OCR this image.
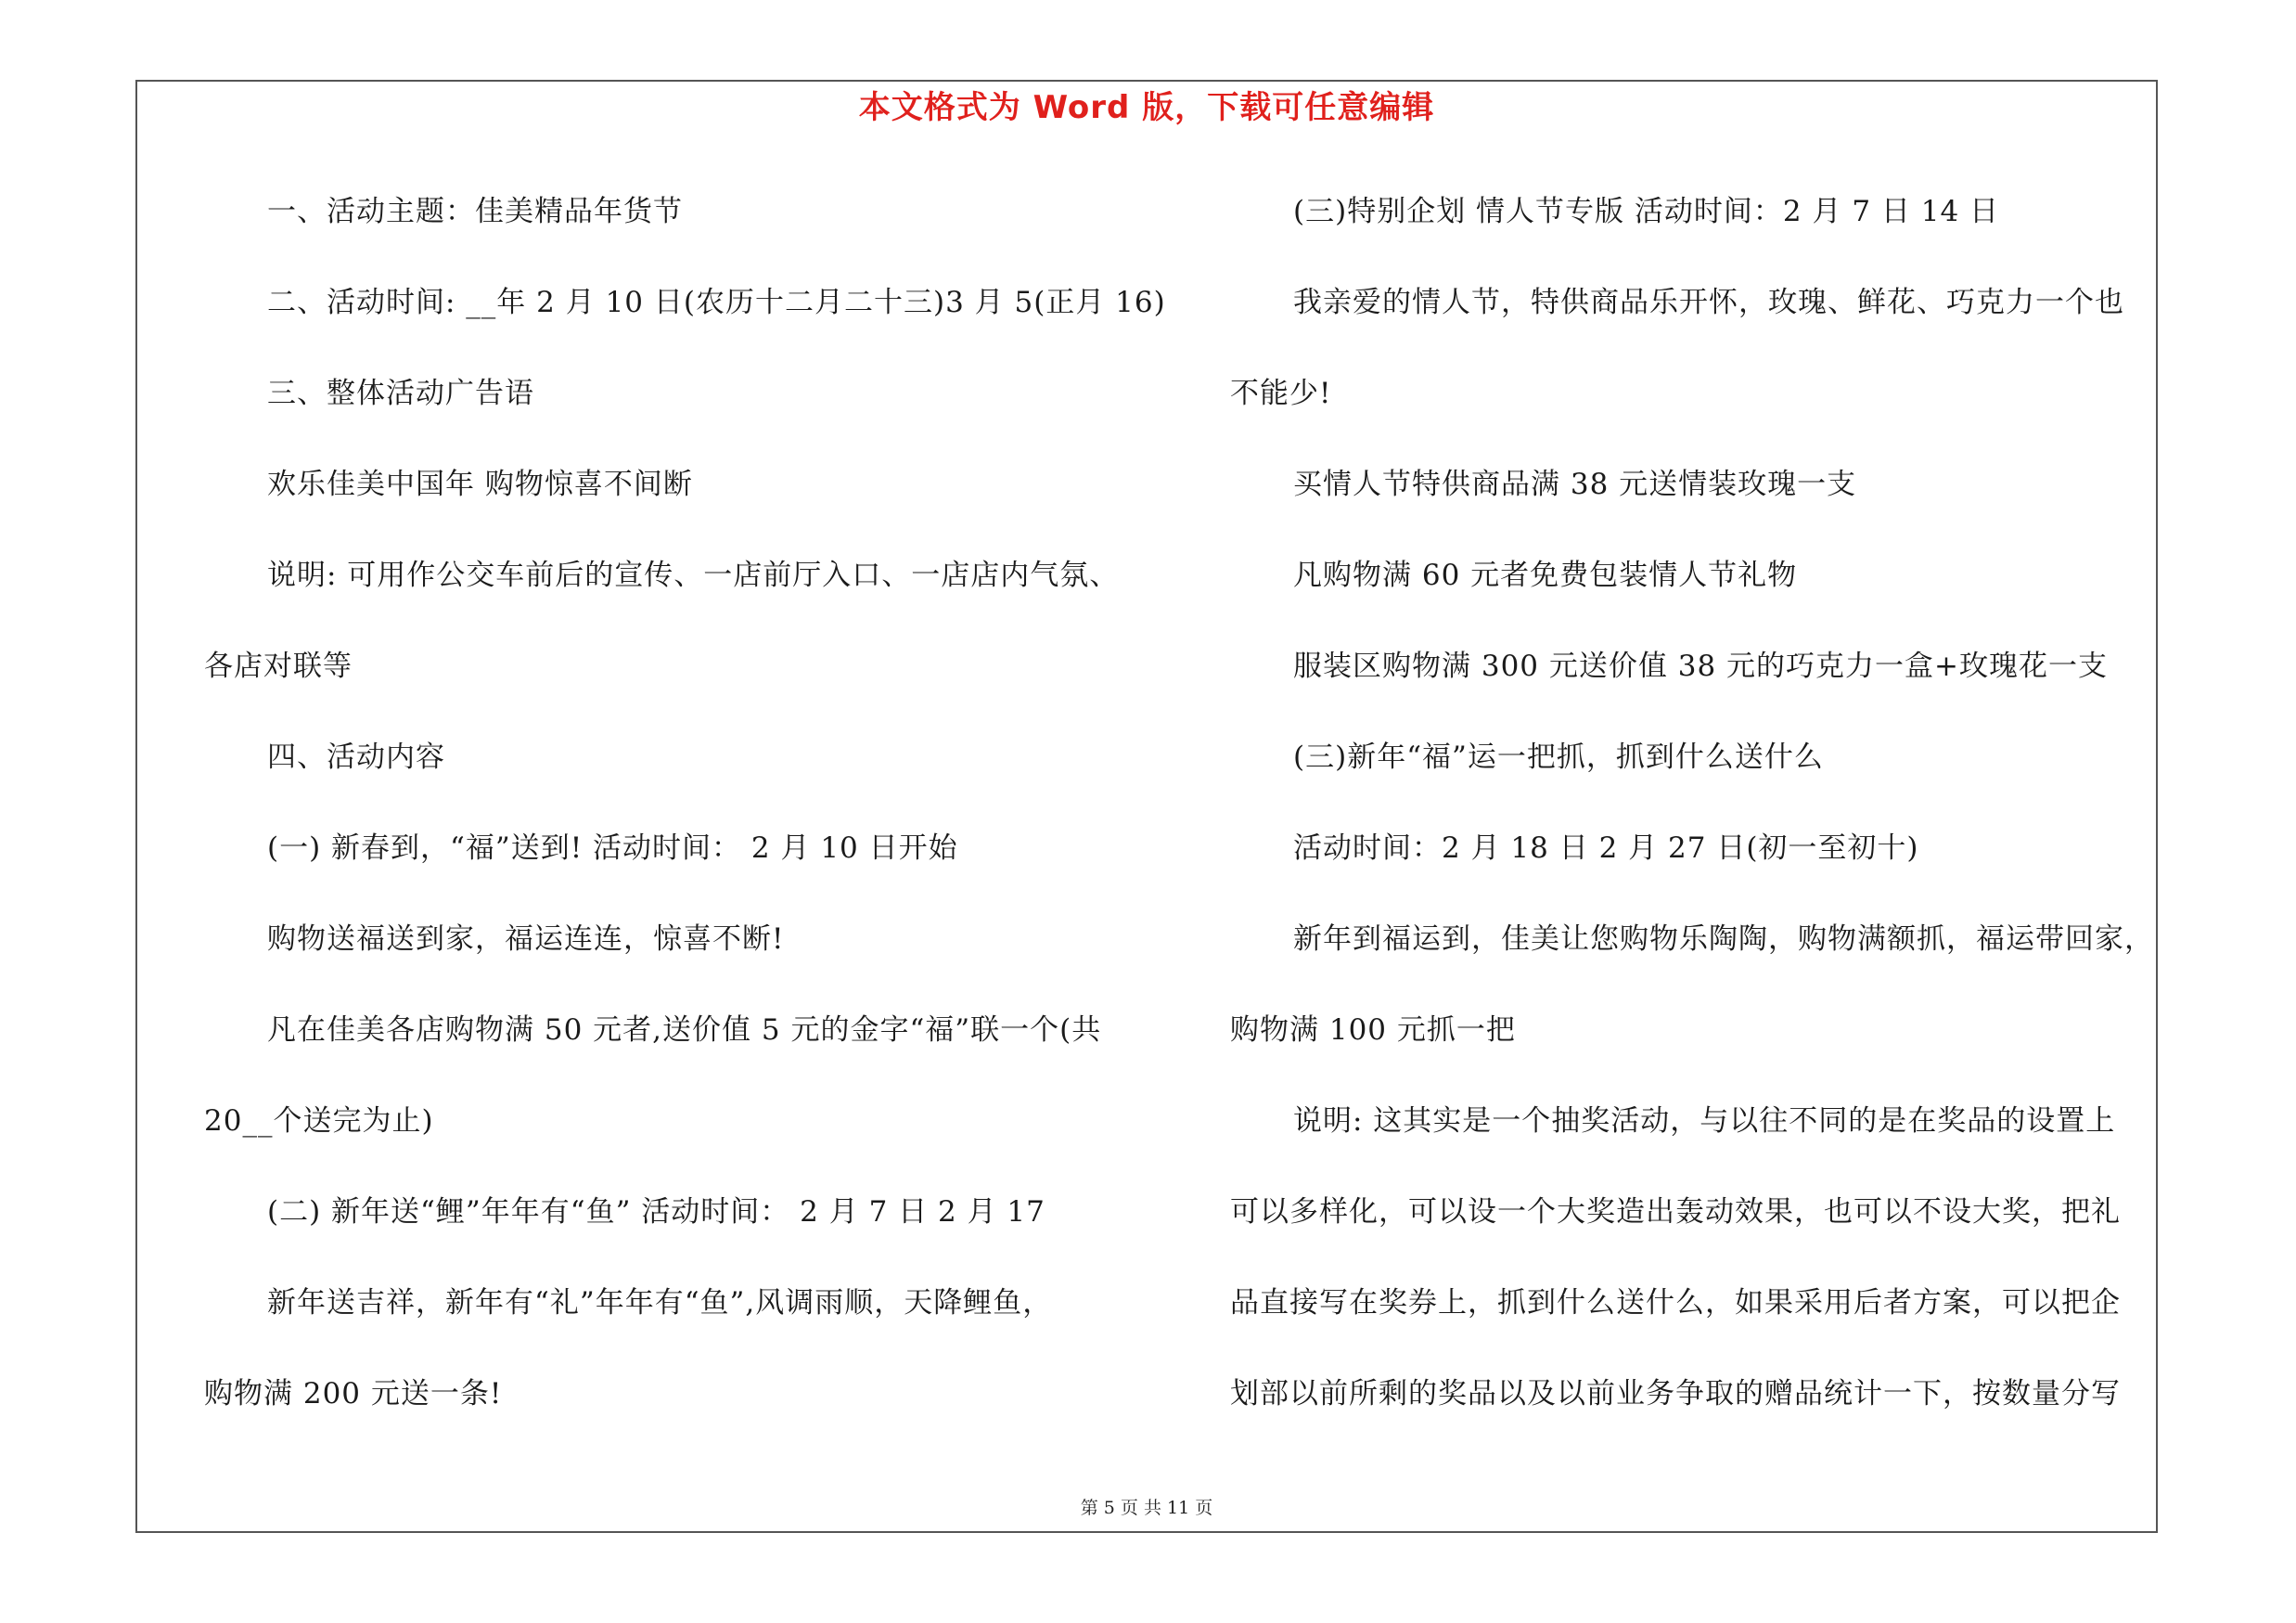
本文格式为 Word 版，下载可任意编辑
一、活动主题：佳美精品年货节
二、活动时间: __年 2 月 10 日(农历十二月二十三)3 月 5(正月 16)
三、整体活动广告语
欢乐佳美中国年 购物惊喜不间断
说明: 可用作公交车前后的宣传、一店前厅入口、一店店内气氛、
各店对联等
四、活动内容
(一) 新春到，“福”送到! 活动时间： 2 月 10 日开始
购物送福送到家，福运连连，惊喜不断!
凡在佳美各店购物满 50 元者,送价值 5 元的金字“福”联一个(共
20__个送完为止)
(二) 新年送“鲤”年年有“鱼” 活动时间： 2 月 7 日 2 月 17
新年送吉祥，新年有“礼”年年有“鱼”,风调雨顺，天降鲤鱼，
购物满 200 元送一条!
(三)特别企划 情人节专版 活动时间：2 月 7 日 14 日
我亲爱的情人节，特供商品乐开怀，玫瑰、鲜花、巧克力一个也
不能少!
买情人节特供商品满 38 元送情装玫瑰一支
凡购物满 60 元者免费包装情人节礼物
服装区购物满 300 元送价值 38 元的巧克力一盒+玫瑰花一支
(三)新年“福”运一把抓，抓到什么送什么
活动时间：2 月 18 日 2 月 27 日(初一至初十)
新年到福运到，佳美让您购物乐陶陶，购物满额抓，福运带回家，
购物满 100 元抓一把
说明: 这其实是一个抽奖活动，与以往不同的是在奖品的设置上
可以多样化，可以设一个大奖造出轰动效果，也可以不设大奖，把礼
品直接写在奖券上，抓到什么送什么，如果采用后者方案，可以把企
划部以前所剩的奖品以及以前业务争取的赠品统计一下，按数量分写
第 5 页 共 11 页
